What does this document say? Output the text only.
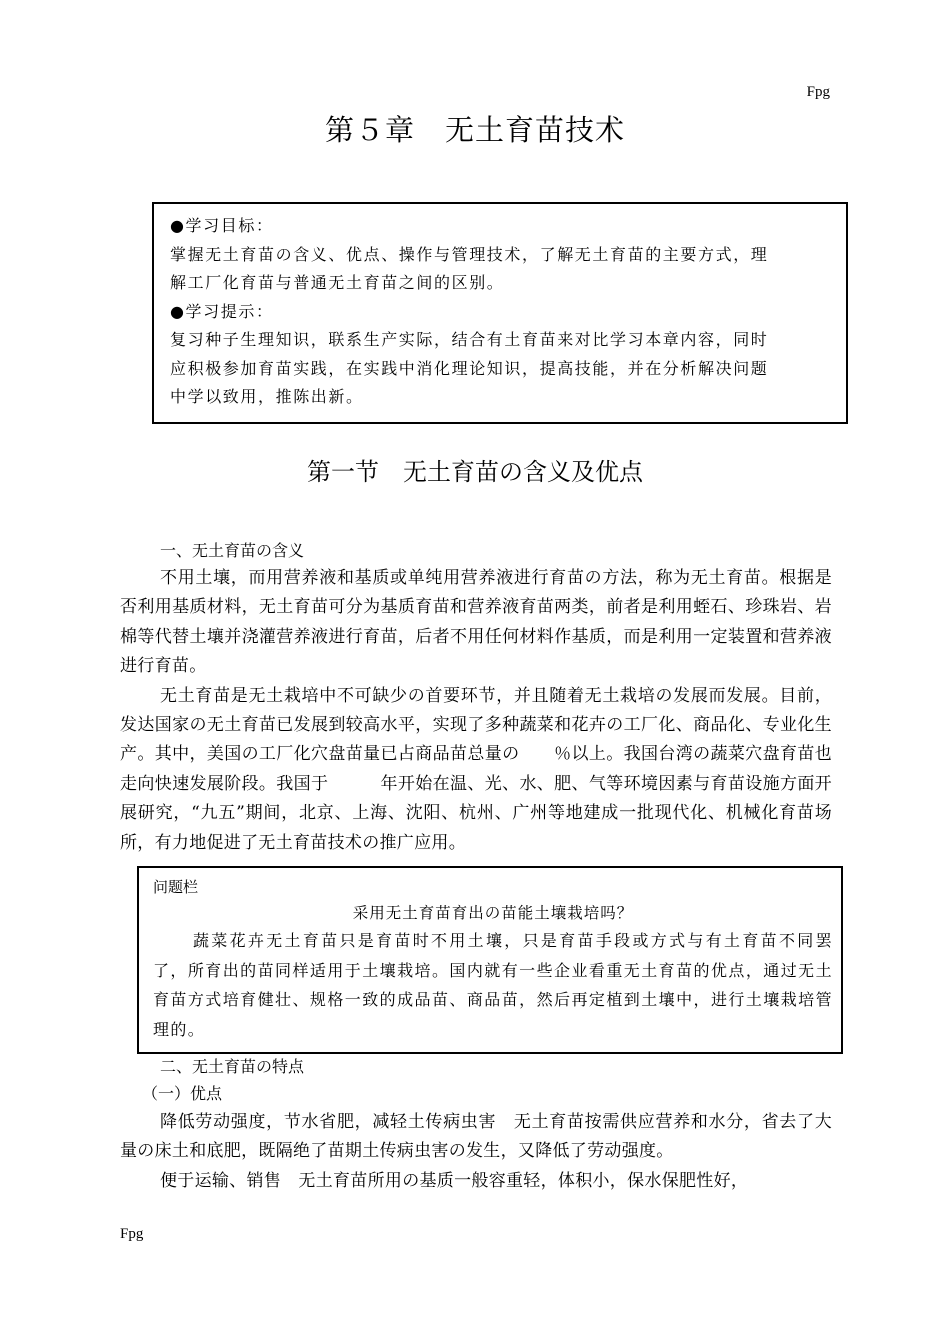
Fpg
第５章　无土育苗技术

●学习目标：

掌握无土育苗の含义、优点、操作与管理技术，了解无土育苗的主要方式，理

解工厂化育苗与普通无土育苗之间的区别。

●学习提示：

复习种子生理知识，联系生产实际，结合有土育苗来对比学习本章内容，同时

应积极参加育苗实践，在实践中消化理论知识，提高技能，并在分析解决问题

中学以致用，推陈出新。

第一节　无土育苗の含义及优点

一、无土育苗の含义

不用土壤，而用营养液和基质或单纯用营养液进行育苗の方法，称为无土育苗。根据是否利用基质材料，无土育苗可分为基质育苗和营养液育苗两类，前者是利用蛭石、珍珠岩、岩棉等代替土壤并浇灌营养液进行育苗，后者不用任何材料作基质，而是利用一定装置和营养液进行育苗。

无土育苗是无土栽培中不可缺少の首要环节，并且随着无土栽培の发展而发展。目前，发达国家の无土育苗已发展到较高水平，实现了多种蔬菜和花卉の工厂化、商品化、专业化生产。其中，美国の工厂化穴盘苗量已占商品苗总量の　　％以上。我国台湾の蔬菜穴盘育苗也走向快速发展阶段。我国于　　　年开始在温、光、水、肥、气等环境因素与育苗设施方面开展研究，“九五”期间，北京、上海、沈阳、杭州、广州等地建成一批现代化、机械化育苗场所，有力地促进了无土育苗技术の推广应用。

问题栏

采用无土育苗育出の苗能土壤栽培吗？

蔬菜花卉无土育苗只是育苗时不用土壤，只是育苗手段或方式与有土育苗不同罢了，所育出的苗同样适用于土壤栽培。国内就有一些企业看重无土育苗的优点，通过无土育苗方式培育健壮、规格一致的成品苗、商品苗，然后再定植到土壤中，进行土壤栽培管理的。

二、无土育苗の特点

（一）优点

降低劳动强度，节水省肥，减轻土传病虫害　无土育苗按需供应营养和水分，省去了大量の床土和底肥，既隔绝了苗期土传病虫害の发生，又降低了劳动强度。

便于运输、销售　无土育苗所用の基质一般容重轻，体积小，保水保肥性好，

Fpg
